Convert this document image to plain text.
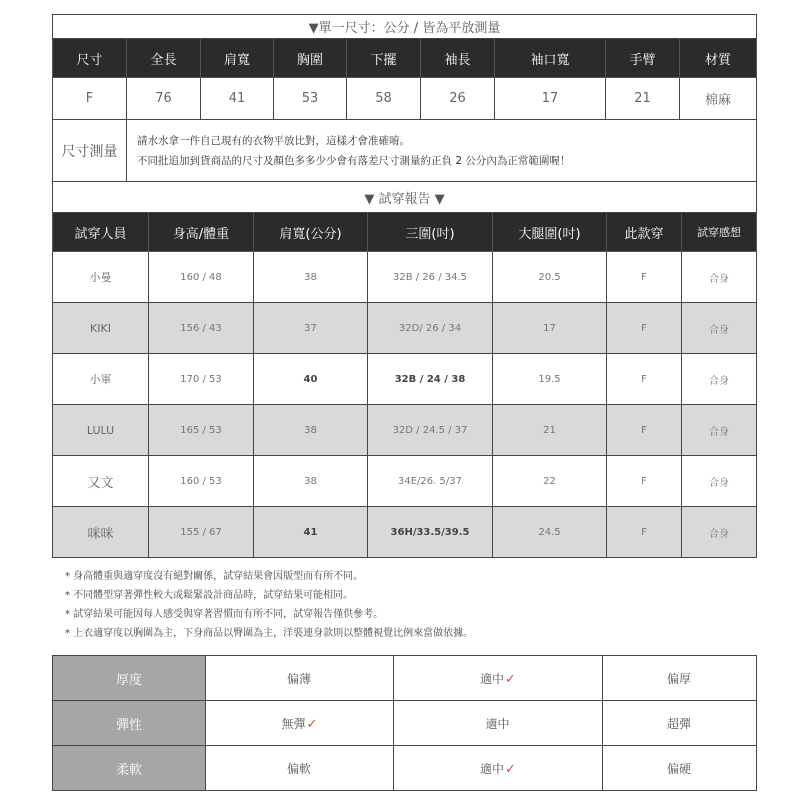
▼單一尺寸：公分 / 皆為平放測量								
尺寸	全長	肩寬	胸圍	下擺	袖長	袖口寬	手臂	材質
F	76	41	53	58	26	17	21	棉麻
尺寸測量	請水水拿一件自己現有的衣物平放比對，這樣才會准確唷。
不同批追加到貨商品的尺寸及顏色多多少少會有落差尺寸測量約正負 2 公分內為正常範圍喔！							
▼ 試穿報告 ▼						
試穿人員	身高/體重	肩寬(公分)	三圍(吋)	大腿圍(吋)	此款穿	試穿感想
小曼	160 / 48	38	32B / 26 / 34.5	20.5	F	合身
KIKI	156 / 43	37	32D/ 26 / 34	17	F	合身
小軍	170 / 53	40	32B / 24 / 38	19.5	F	合身
LULU	165 / 53	38	32D / 24.5 / 37	21	F	合身
又文	160 / 53	38	34E/26. 5/37	22	F	合身
咪咪	155 / 67	41	36H/33.5/39.5	24.5	F	合身
* 身高體重與適穿度沒有絕對關係，試穿結果會因版型而有所不同。
* 不同體型穿著彈性較大或鬆緊設計商品時，試穿結果可能相同。
* 試穿結果可能因每人感受與穿著習慣而有所不同，試穿報告僅供參考。
* 上衣適穿度以胸圍為主，下身商品以臀圍為主，洋裝連身款則以整體視覺比例來當做依據。
厚度	偏薄	適中✓	偏厚
彈性	無彈✓	適中	超彈
柔軟	偏軟	適中✓	偏硬
